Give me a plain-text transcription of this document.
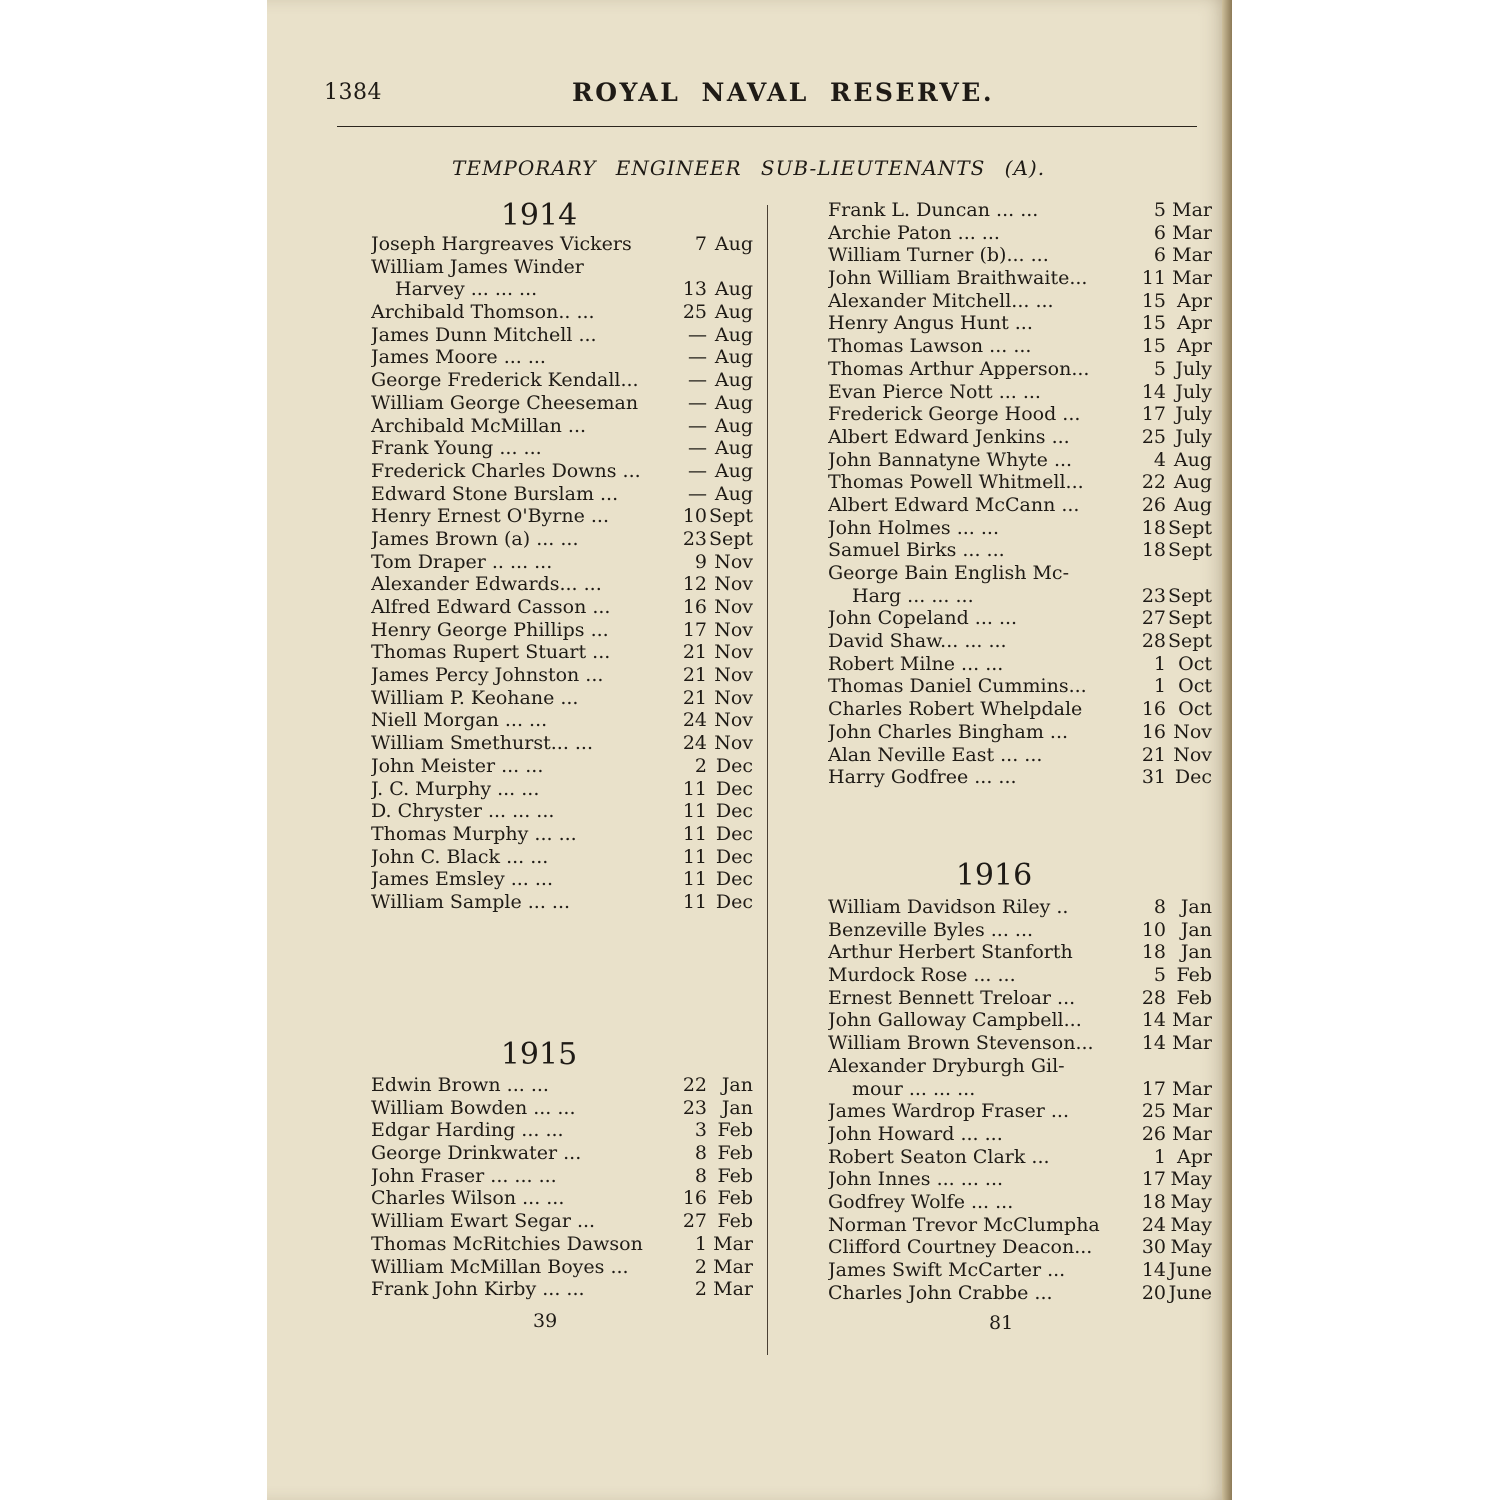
1384	ROYAL NAVAL RESERVE.
TEMPORARY ENGINEER SUB-LIEUTENANTS (A).
1914
Joseph Hargreaves Vickers	7 Aug
William James Winder
Harvey ... ... ...	13 Aug
Archibald Thomson.. ...	25 Aug
James Dunn Mitchell ...	— Aug
James Moore ... ...	— Aug
George Frederick Kendall...	— Aug
William George Cheeseman	— Aug
Archibald McMillan ...	— Aug
Frank Young ... ...	— Aug
Frederick Charles Downs ...	— Aug
Edward Stone Burslam ...	— Aug
Henry Ernest O'Byrne ...	10 Sept
James Brown (a) ... ...	23 Sept
Tom Draper .. ... ...	9 Nov
Alexander Edwards... ...	12 Nov
Alfred Edward Casson ...	16 Nov
Henry George Phillips ...	17 Nov
Thomas Rupert Stuart ...	21 Nov
James Percy Johnston ...	21 Nov
William P. Keohane ...	21 Nov
Niell Morgan ... ...	24 Nov
William Smethurst... ...	24 Nov
John Meister ... ...	2 Dec
J. C. Murphy ... ...	11 Dec
D. Chryster ... ... ...	11 Dec
Thomas Murphy ... ...	11 Dec
John C. Black ... ...	11 Dec
James Emsley ... ...	11 Dec
William Sample ... ...	11 Dec
1915
Edwin Brown ... ...	22 Jan
William Bowden ... ...	23 Jan
Edgar Harding ... ...	3 Feb
George Drinkwater ...	8 Feb
John Fraser ... ... ...	8 Feb
Charles Wilson ... ...	16 Feb
William Ewart Segar ...	27 Feb
Thomas McRitchies Dawson	1 Mar
William McMillan Boyes ...	2 Mar
Frank John Kirby ... ...	2 Mar
39
Frank L. Duncan ... ...	5 Mar
Archie Paton ... ...	6 Mar
William Turner (b)... ...	6 Mar
John William Braithwaite...	11 Mar
Alexander Mitchell... ...	15 Apr
Henry Angus Hunt ...	15 Apr
Thomas Lawson ... ...	15 Apr
Thomas Arthur Apperson...	5 July
Evan Pierce Nott ... ...	14 July
Frederick George Hood ...	17 July
Albert Edward Jenkins ...	25 July
John Bannatyne Whyte ...	4 Aug
Thomas Powell Whitmell...	22 Aug
Albert Edward McCann ...	26 Aug
John Holmes ... ...	18 Sept
Samuel Birks ... ...	18 Sept
George Bain English Mc-
Harg ... ... ...	23 Sept
John Copeland ... ...	27 Sept
David Shaw... ... ...	28 Sept
Robert Milne ... ...	1 Oct
Thomas Daniel Cummins...	1 Oct
Charles Robert Whelpdale	16 Oct
John Charles Bingham ...	16 Nov
Alan Neville East ... ...	21 Nov
Harry Godfree ... ...	31 Dec
1916
William Davidson Riley ..	8 Jan
Benzeville Byles ... ...	10 Jan
Arthur Herbert Stanforth	18 Jan
Murdock Rose ... ...	5 Feb
Ernest Bennett Treloar ...	28 Feb
John Galloway Campbell...	14 Mar
William Brown Stevenson...	14 Mar
Alexander Dryburgh Gil-
mour ... ... ...	17 Mar
James Wardrop Fraser ...	25 Mar
John Howard ... ...	26 Mar
Robert Seaton Clark ...	1 Apr
John Innes ... ... ...	17 May
Godfrey Wolfe ... ...	18 May
Norman Trevor McClumpha	24 May
Clifford Courtney Deacon...	30 May
James Swift McCarter ...	14 June
Charles John Crabbe ...	20 June
81
